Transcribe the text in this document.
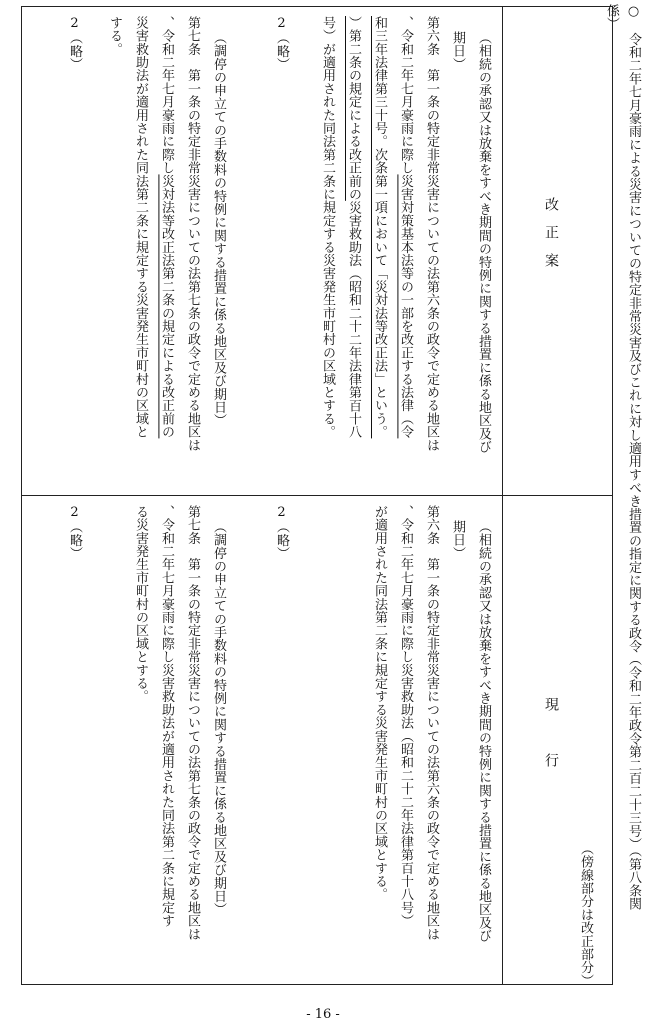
○　令和二年七月豪雨による災害についての特定非常災害及びこれに対し適用すべき措置の指定に関する政令（令和二年政令第二百二十三号）（第八条関
係）
（傍線部分は改正部分）
改　正　案
現　　　行
（相続の承認又は放棄をすべき期間の特例に関する措置に係る地区及び
期日）
第六条　第一条の特定非常災害についての法第六条の政令で定める地区は
、令和二年七月豪雨に際し災害対策基本法等の一部を改正する法律（令
和三年法律第三十号。次条第一項において「災対法等改正法」という。
）第二条の規定による改正前の災害救助法（昭和二十二年法律第百十八
号）が適用された同法第二条に規定する災害発生市町村の区域とする。
2（略）
（調停の申立ての手数料の特例に関する措置に係る地区及び期日）
第七条　第一条の特定非常災害についての法第七条の政令で定める地区は
、令和二年七月豪雨に際し災対法等改正法第二条の規定による改正前の
災害救助法が適用された同法第二条に規定する災害発生市町村の区域と
する。
2（略）
（相続の承認又は放棄をすべき期間の特例に関する措置に係る地区及び
期日）
第六条　第一条の特定非常災害についての法第六条の政令で定める地区は
、令和二年七月豪雨に際し災害救助法（昭和二十二年法律第百十八号）
が適用された同法第二条に規定する災害発生市町村の区域とする。
2（略）
（調停の申立ての手数料の特例に関する措置に係る地区及び期日）
第七条　第一条の特定非常災害についての法第七条の政令で定める地区は
、令和二年七月豪雨に際し災害救助法が適用された同法第二条に規定す
る災害発生市町村の区域とする。
2（略）
- 16 -
